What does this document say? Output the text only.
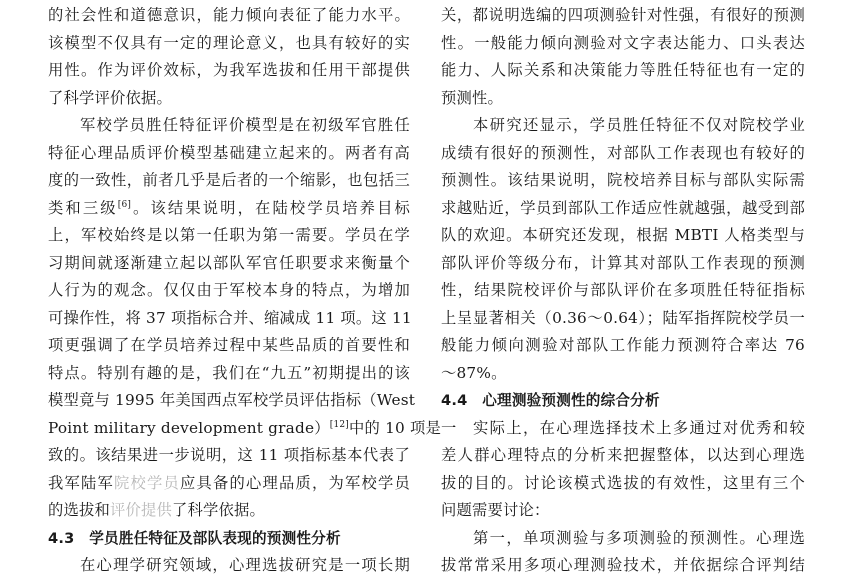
的社会性和道德意识，能力倾向表征了能力水平。
该模型不仅具有一定的理论意义，也具有较好的实
用性。作为评价效标，为我军选拔和任用干部提供
了科学评价依据。
军校学员胜任特征评价模型是在初级军官胜任
特征心理品质评价模型基础建立起来的。两者有高
度的一致性，前者几乎是后者的一个缩影，也包括三
类和三级[6]。该结果说明，在陆校学员培养目标
上，军校始终是以第一任职为第一需要。学员在学
习期间就逐渐建立起以部队军官任职要求来衡量个
人行为的观念。仅仅由于军校本身的特点，为增加
可操作性，将 37 项指标合并、缩减成 11 项。这 11
项更强调了在学员培养过程中某些品质的首要性和
特点。特别有趣的是，我们在“九五”初期提出的该
模型竟与 1995 年美国西点军校学员评估指标（West
Point military development grade）[12]中的 10 项是一
致的。该结果进一步说明，这 11 项指标基本代表了
我军陆军院校学员应具备的心理品质，为军校学员
的选拔和评价提供了科学依据。
4.3　学员胜任特征及部队表现的预测性分析
在心理学研究领域，心理选拔研究是一项长期
关，都说明选编的四项测验针对性强，有很好的预测
性。一般能力倾向测验对文字表达能力、口头表达
能力、人际关系和决策能力等胜任特征也有一定的
预测性。
本研究还显示，学员胜任特征不仅对院校学业
成绩有很好的预测性，对部队工作表现也有较好的
预测性。该结果说明，院校培养目标与部队实际需
求越贴近，学员到部队工作适应性就越强，越受到部
队的欢迎。本研究还发现，根据 MBTI 人格类型与
部队评价等级分布，计算其对部队工作表现的预测
性，结果院校评价与部队评价在多项胜任特征指标
上呈显著相关（0.36～0.64）；陆军指挥院校学员一
般能力倾向测验对部队工作能力预测符合率达 76
～87%。
4.4　心理测验预测性的综合分析
实际上，在心理选择技术上多通过对优秀和较
差人群心理特点的分析来把握整体，以达到心理选
拔的目的。讨论该模式选拔的有效性，这里有三个
问题需要讨论：
第一，单项测验与多项测验的预测性。心理选
拔常常采用多项心理测验技术，并依据综合评判结
